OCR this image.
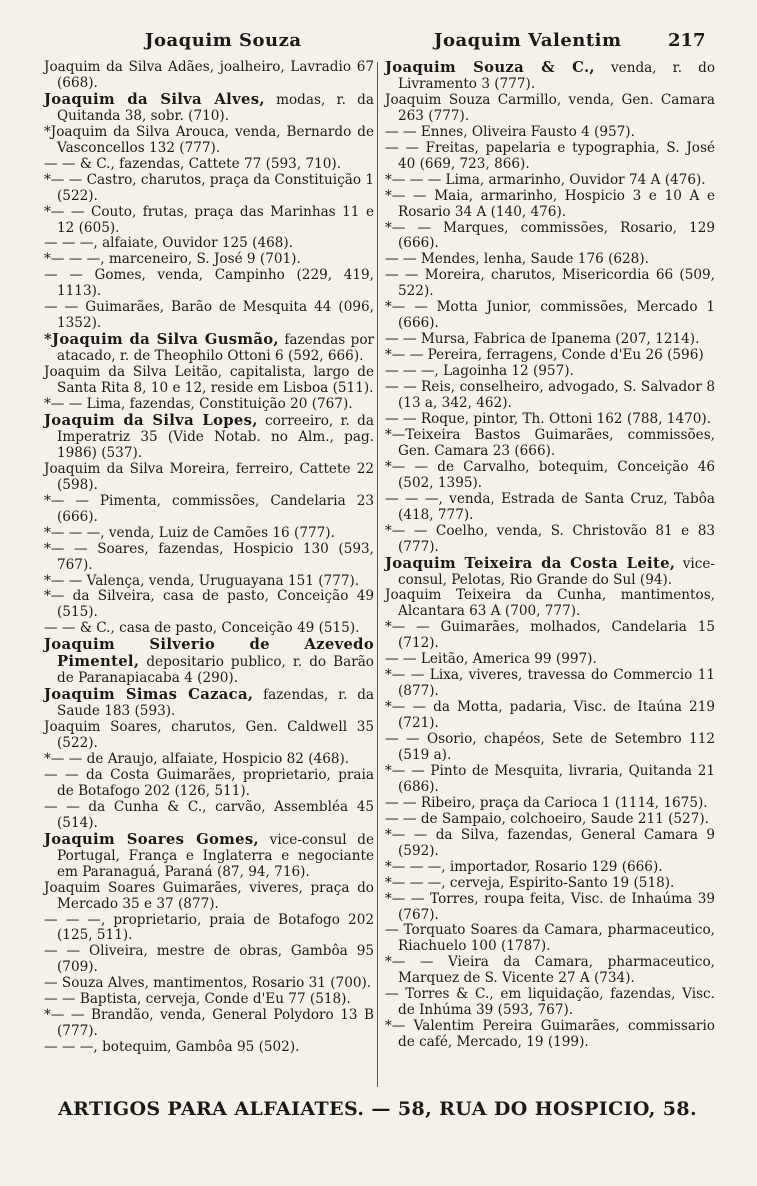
Joaquim Souza	Joaquim Valentim	217

Joaquim da Silva Adães, joalheiro, Lavradio 67 (668).

Joaquim da Silva Alves, modas, r. da Quitanda 38, sobr. (710).

*Joaquim da Silva Arouca, venda, Bernardo de Vasconcellos 132 (777).

— — & C., fazendas, Cattete 77 (593, 710).

*— — Castro, charutos, praça da Constituição 1 (522).

*— — Couto, frutas, praça das Marinhas 11 e 12 (605).

— — —, alfaiate, Ouvidor 125 (468).

*— — —, marceneiro, S. José 9 (701).

— — Gomes, venda, Campinho (229, 419, 1113).

— — Guimarães, Barão de Mesquita 44 (096, 1352).

*Joaquim da Silva Gusmão, fazendas por atacado, r. de Theophilo Ottoni 6 (592, 666).

Joaquim da Silva Leitão, capitalista, largo de Santa Rita 8, 10 e 12, reside em Lisboa (511).

*— — Lima, fazendas, Constituição 20 (767).

Joaquim da Silva Lopes, correeiro, r. da Imperatriz 35 (Vide Notab. no Alm., pag. 1986) (537).

Joaquim da Silva Moreira, ferreiro, Cattete 22 (598).

*— — Pimenta, commissões, Candelaria 23 (666).

*— — —, venda, Luiz de Camões 16 (777).

*— — Soares, fazendas, Hospicio 130 (593, 767).

*— — Valença, venda, Uruguayana 151 (777).

*— da Silveira, casa de pasto, Conceição 49 (515).

— — & C., casa de pasto, Conceição 49 (515).

Joaquim Silverio de Azevedo Pimentel, depositario publico, r. do Barão de Paranapiacaba 4 (290).

Joaquim Simas Cazaca, fazendas, r. da Saude 183 (593).

Joaquim Soares, charutos, Gen. Caldwell 35 (522).

*— — de Araujo, alfaiate, Hospicio 82 (468).

— — da Costa Guimarães, proprietario, praia de Botafogo 202 (126, 511).

— — da Cunha & C., carvão, Assembléa 45 (514).

Joaquim Soares Gomes, vice-consul de Portugal, França e Inglaterra e negociante em Paranaguá, Paraná (87, 94, 716).

Joaquim Soares Guimarães, viveres, praça do Mercado 35 e 37 (877).

— — —, proprietario, praia de Botafogo 202 (125, 511).

— — Oliveira, mestre de obras, Gambôa 95 (709).

— Souza Alves, mantimentos, Rosario 31 (700).

— — Baptista, cerveja, Conde d'Eu 77 (518).

*— — Brandão, venda, General Polydoro 13 B (777).

— — —, botequim, Gambôa 95 (502).

Joaquim Souza & C., venda, r. do Livramento 3 (777).

Joaquim Souza Carmillo, venda, Gen. Camara 263 (777).

— — Ennes, Oliveira Fausto 4 (957).

— — Freitas, papelaria e typographia, S. José 40 (669, 723, 866).

*— — — Lima, armarinho, Ouvidor 74 A (476).

*— — Maia, armarinho, Hospicio 3 e 10 A e Rosario 34 A (140, 476).

*— — Marques, commissões, Rosario, 129 (666).

— — Mendes, lenha, Saude 176 (628).

— — Moreira, charutos, Misericordia 66 (509, 522).

*— — Motta Junior, commissões, Mercado 1 (666).

— — Mursa, Fabrica de Ipanema (207, 1214).

*— — Pereira, ferragens, Conde d'Eu 26 (596)

— — —, Lagoinha 12 (957).

— — Reis, conselheiro, advogado, S. Salvador 8 (13 a, 342, 462).

— — Roque, pintor, Th. Ottoni 162 (788, 1470).

*—Teixeira Bastos Guimarães, commissões, Gen. Camara 23 (666).

*— — de Carvalho, botequim, Conceição 46 (502, 1395).

— — —, venda, Estrada de Santa Cruz, Tabôa (418, 777).

*— — Coelho, venda, S. Christovão 81 e 83 (777).

Joaquim Teixeira da Costa Leite, vice-consul, Pelotas, Rio Grande do Sul (94).

Joaquim Teixeira da Cunha, mantimentos, Alcantara 63 A (700, 777).

*— — Guimarães, molhados, Candelaria 15 (712).

— — Leitão, America 99 (997).

*— — Lixa, viveres, travessa do Commercio 11 (877).

*— — da Motta, padaria, Visc. de Itaúna 219 (721).

— — Osorio, chapéos, Sete de Setembro 112 (519 a).

*— — Pinto de Mesquita, livraria, Quitanda 21 (686).

— — Ribeiro, praça da Carioca 1 (1114, 1675).

— — de Sampaio, colchoeiro, Saude 211 (527).

*— — da Silva, fazendas, General Camara 9 (592).

*— — —, importador, Rosario 129 (666).

*— — —, cerveja, Espirito-Santo 19 (518).

*— — Torres, roupa feita, Visc. de Inhaúma 39 (767).

— Torquato Soares da Camara, pharmaceutico, Riachuelo 100 (1787).

*— — Vieira da Camara, pharmaceutico, Marquez de S. Vicente 27 A (734).

— Torres & C., em liquidação, fazendas, Visc. de Inhúma 39 (593, 767).

*— Valentim Pereira Guimarães, commissario de café, Mercado, 19 (199).

ARTIGOS PARA ALFAIATES. — 58, RUA DO HOSPICIO, 58.
